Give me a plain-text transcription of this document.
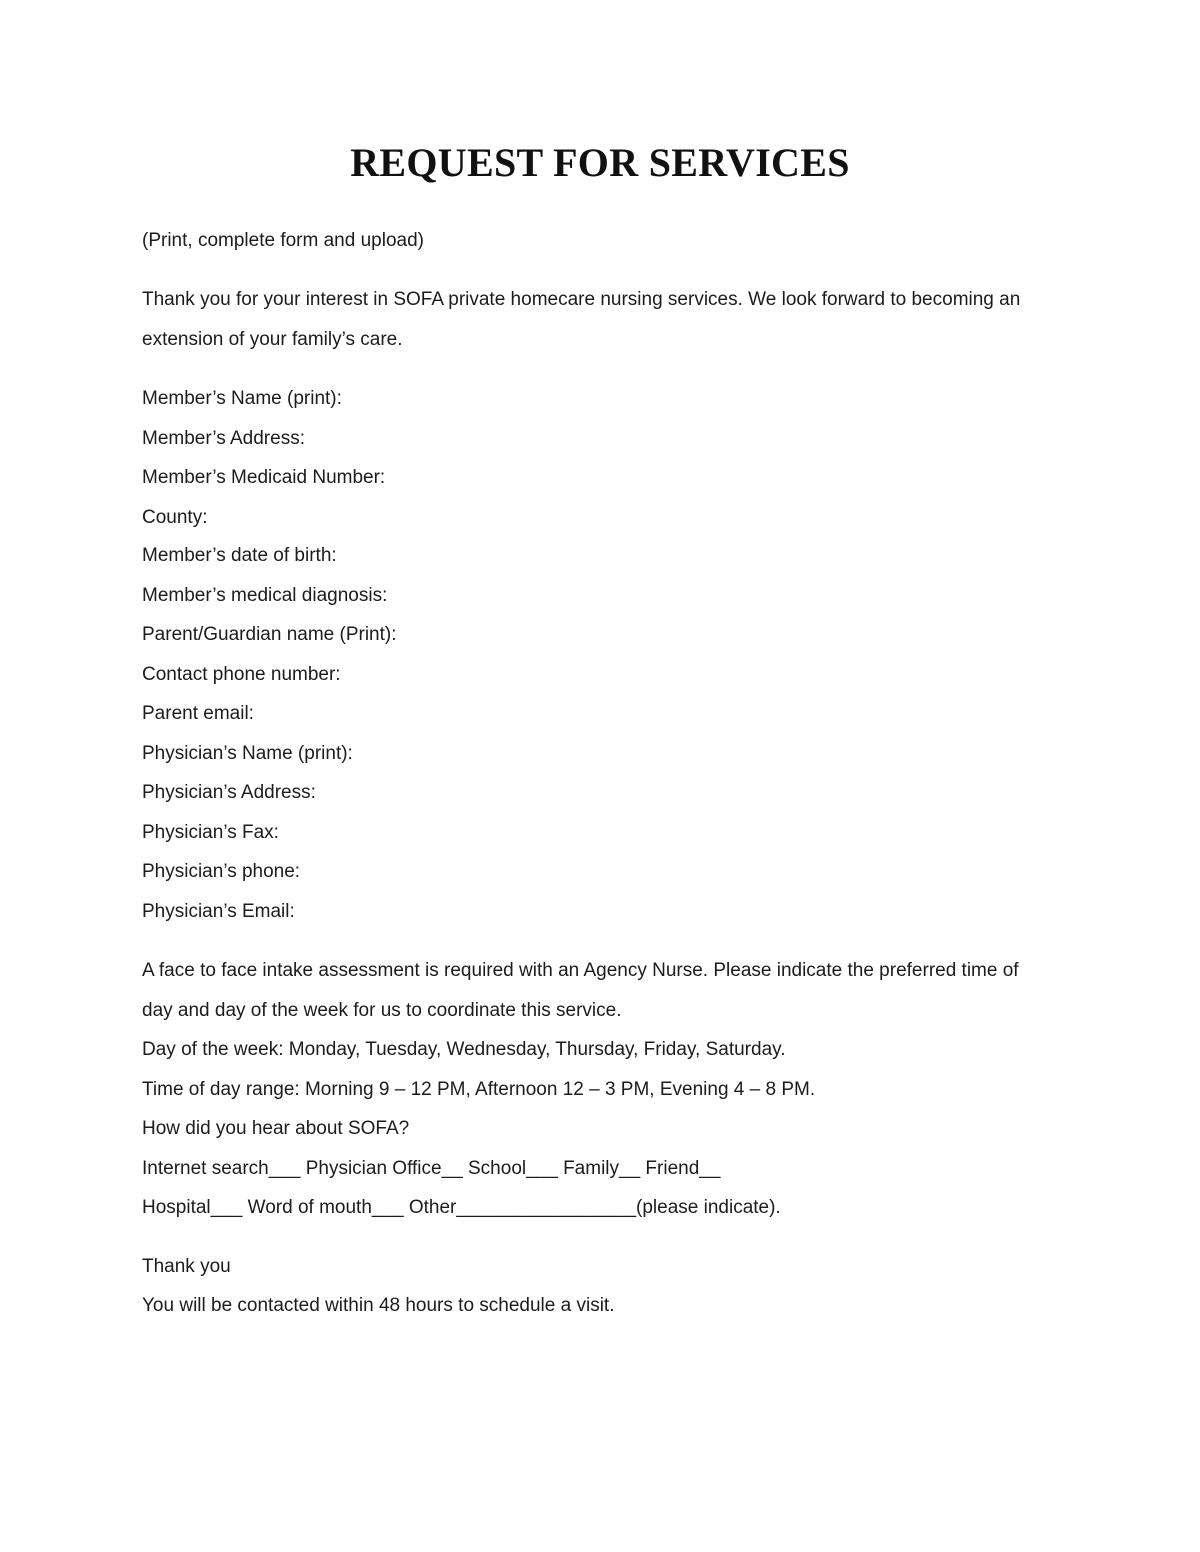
REQUEST FOR SERVICES
(Print, complete form and upload)
Thank you for your interest in SOFA private homecare nursing services. We look forward to becoming an
extension of your family’s care.
Member’s Name (print):
Member’s Address:
Member’s Medicaid Number:
County:
Member’s date of birth:
Member’s medical diagnosis:
Parent/Guardian name (Print):
Contact phone number:
Parent email:
Physician’s Name (print):
Physician’s Address:
Physician’s Fax:
Physician’s phone:
Physician’s Email:
A face to face intake assessment is required with an Agency Nurse. Please indicate the preferred time of
day and day of the week for us to coordinate this service.
Day of the week: Monday, Tuesday, Wednesday, Thursday, Friday, Saturday.
Time of day range: Morning 9 – 12 PM, Afternoon 12 – 3 PM, Evening 4 – 8 PM.
How did you hear about SOFA?
Internet search___ Physician Office__ School___ Family__ Friend__
Hospital___ Word of mouth___ Other_________________(please indicate).
Thank you
You will be contacted within 48 hours to schedule a visit.
